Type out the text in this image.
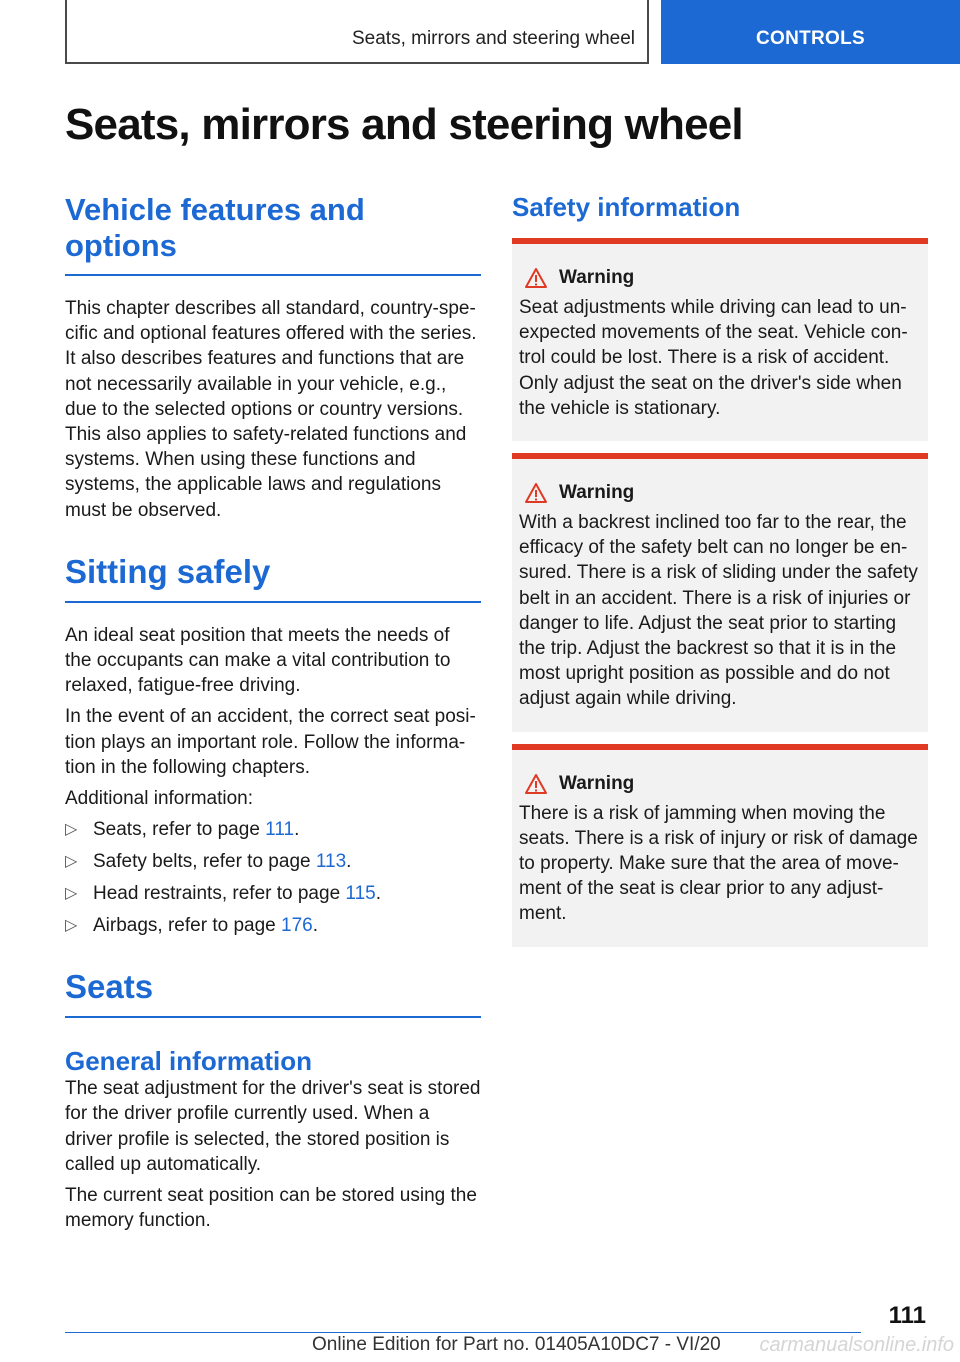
Seats, mirrors and steering wheel	CONTROLS
Seats, mirrors and steering wheel
Vehicle features and options

This chapter describes all standard, country-specific and optional features offered with the series. It also describes features and functions that are not necessarily available in your vehicle, e.g., due to the selected options or country versions. This also applies to safety-related functions and systems. When using these functions and systems, the applicable laws and regulations must be observed.

Sitting safely

An ideal seat position that meets the needs of the occupants can make a vital contribution to relaxed, fatigue-free driving.

In the event of an accident, the correct seat position plays an important role. Follow the information in the following chapters.

Additional information:

▷ Seats, refer to page 111.
▷ Safety belts, refer to page 113.
▷ Head restraints, refer to page 115.
▷ Airbags, refer to page 176.
Seats
General information

The seat adjustment for the driver's seat is stored for the driver profile currently used. When a driver profile is selected, the stored position is called up automatically.

The current seat position can be stored using the memory function.

Safety information
Warning

Seat adjustments while driving can lead to unexpected movements of the seat. Vehicle control could be lost. There is a risk of accident. Only adjust the seat on the driver's side when the vehicle is stationary.

Warning

With a backrest inclined too far to the rear, the efficacy of the safety belt can no longer be ensured. There is a risk of sliding under the safety belt in an accident. There is a risk of injuries or danger to life. Adjust the seat prior to starting the trip. Adjust the backrest so that it is in the most upright position as possible and do not adjust again while driving.

Warning

There is a risk of jamming when moving the seats. There is a risk of injury or risk of damage to property. Make sure that the area of movement of the seat is clear prior to any adjustment.

111
Online Edition for Part no. 01405A10DC7 - VI/20 carmanualsonline.info
